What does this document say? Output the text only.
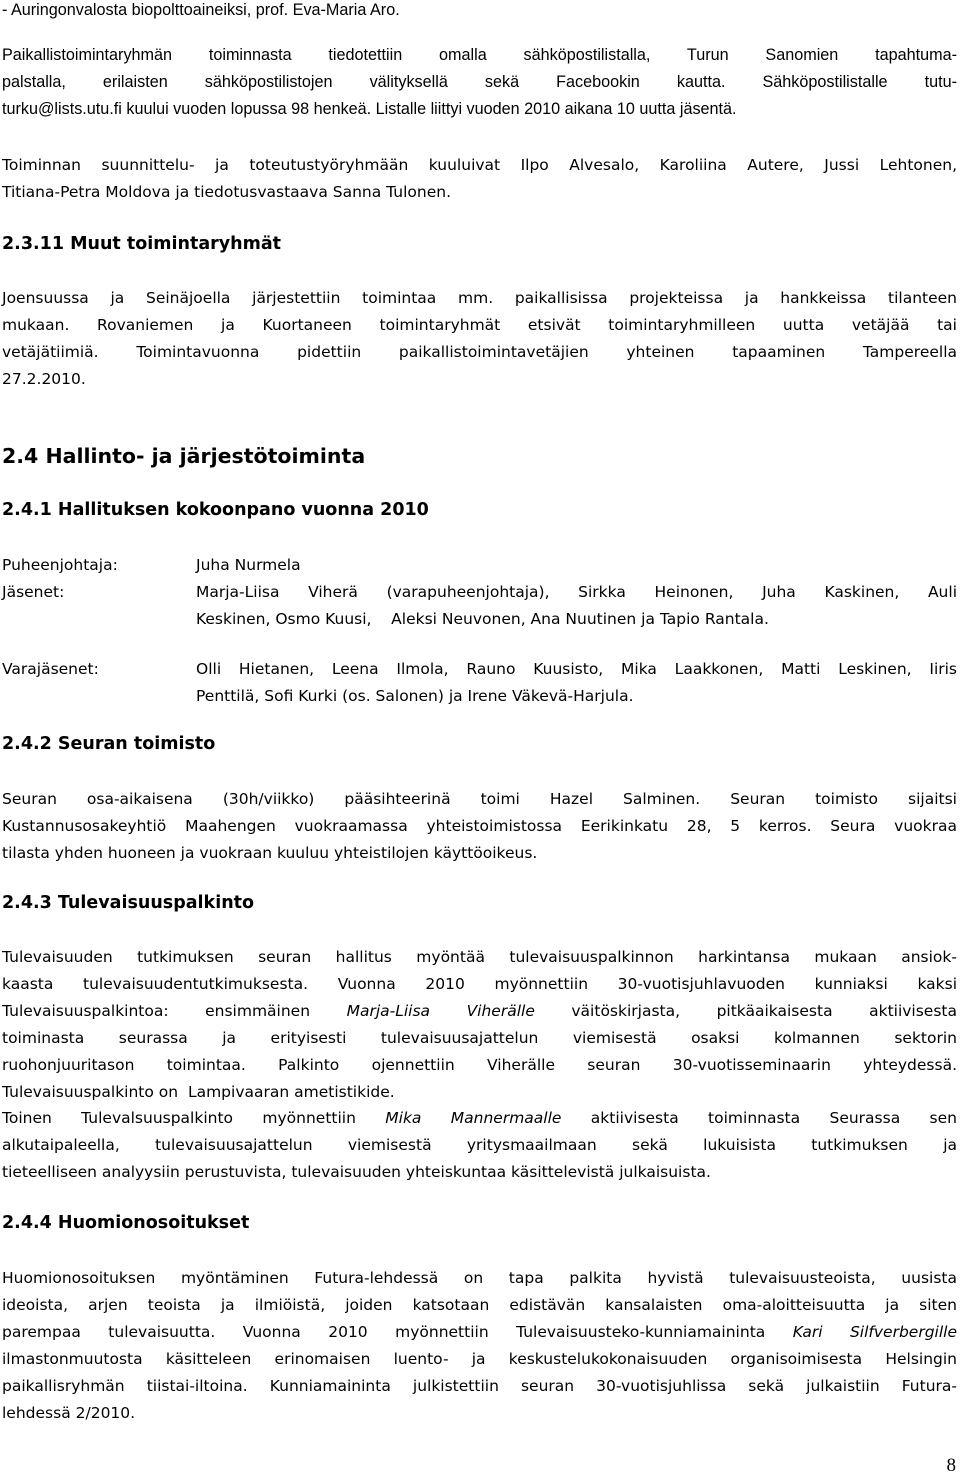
- Auringonvalosta biopolttoaineiksi, prof. Eva-Maria Aro.
Paikallistoimintaryhmän toiminnasta tiedotettiin omalla sähköpostilistalla, Turun Sanomien tapahtuma-
palstalla, erilaisten sähköpostilistojen välityksellä sekä Facebookin kautta. Sähköpostilistalle tutu-
turku@lists.utu.fi kuului vuoden lopussa 98 henkeä. Listalle liittyi vuoden 2010 aikana 10 uutta jäsentä.
Toiminnan suunnittelu- ja toteutustyöryhmään kuuluivat Ilpo Alvesalo, Karoliina Autere, Jussi Lehtonen,
Titiana-Petra Moldova ja tiedotusvastaava Sanna Tulonen.
2.3.11 Muut toimintaryhmät
Joensuussa ja Seinäjoella järjestettiin toimintaa mm. paikallisissa projekteissa ja hankkeissa tilanteen
mukaan. Rovaniemen ja Kuortaneen toimintaryhmät etsivät toimintaryhmilleen uutta vetäjää tai
vetäjätiimiä. Toimintavuonna pidettiin paikallistoimintavetäjien yhteinen tapaaminen Tampereella
27.2.2010.
2.4 Hallinto- ja järjestötoiminta
2.4.1 Hallituksen kokoonpano vuonna 2010
Puheenjohtaja:	Juha Nurmela
Jäsenet:	Marja-Liisa Viherä (varapuheenjohtaja), Sirkka Heinonen, Juha Kaskinen, Auli
Keskinen, Osmo Kuusi,    Aleksi Neuvonen, Ana Nuutinen ja Tapio Rantala.
Varajäsenet:	Olli Hietanen, Leena Ilmola, Rauno Kuusisto, Mika Laakkonen, Matti Leskinen, Iiris
Penttilä, Sofi Kurki (os. Salonen) ja Irene Väkevä-Harjula.
2.4.2 Seuran toimisto
Seuran osa-aikaisena (30h/viikko) pääsihteerinä toimi Hazel Salminen. Seuran toimisto sijaitsi
Kustannusosakeyhtiö Maahengen vuokraamassa yhteistoimistossa Eerikinkatu 28, 5 kerros. Seura vuokraa
tilasta yhden huoneen ja vuokraan kuuluu yhteistilojen käyttöoikeus.
2.4.3 Tulevaisuuspalkinto
Tulevaisuuden tutkimuksen seuran hallitus myöntää tulevaisuuspalkinnon harkintansa mukaan ansiok-
kaasta tulevaisuudentutkimuksesta. Vuonna 2010 myönnettiin 30-vuotisjuhlavuoden kunniaksi kaksi
Tulevaisuuspalkintoa: ensimmäinen Marja-Liisa Viherälle väitöskirjasta, pitkäaikaisesta aktiivisesta
toiminasta seurassa ja erityisesti tulevaisuusajattelun viemisestä osaksi kolmannen sektorin
ruohonjuuritason toimintaa. Palkinto ojennettiin Viherälle seuran 30-vuotisseminaarin yhteydessä.
Tulevaisuuspalkinto on  Lampivaaran ametistikide.
Toinen Tulevalsuuspalkinto myönnettiin Mika Mannermaalle aktiivisesta toiminnasta Seurassa sen
alkutaipaleella, tulevaisuusajattelun viemisestä yritysmaailmaan sekä lukuisista tutkimuksen ja
tieteelliseen analyysiin perustuvista, tulevaisuuden yhteiskuntaa käsittelevistä julkaisuista.
2.4.4 Huomionosoitukset
Huomionosoituksen myöntäminen Futura-lehdessä on tapa palkita hyvistä tulevaisuusteoista, uusista
ideoista, arjen teoista ja ilmiöistä, joiden katsotaan edistävän kansalaisten oma-aloitteisuutta ja siten
parempaa tulevaisuutta. Vuonna 2010 myönnettiin Tulevaisuusteko-kunniamaininta Kari Silfverbergille
ilmastonmuutosta käsitteleen erinomaisen luento- ja keskustelukokonaisuuden organisoimisesta Helsingin
paikallisryhmän tiistai-iltoina. Kunniamaininta julkistettiin seuran 30-vuotisjuhlissa sekä julkaistiin Futura-
lehdessä 2/2010.
8
